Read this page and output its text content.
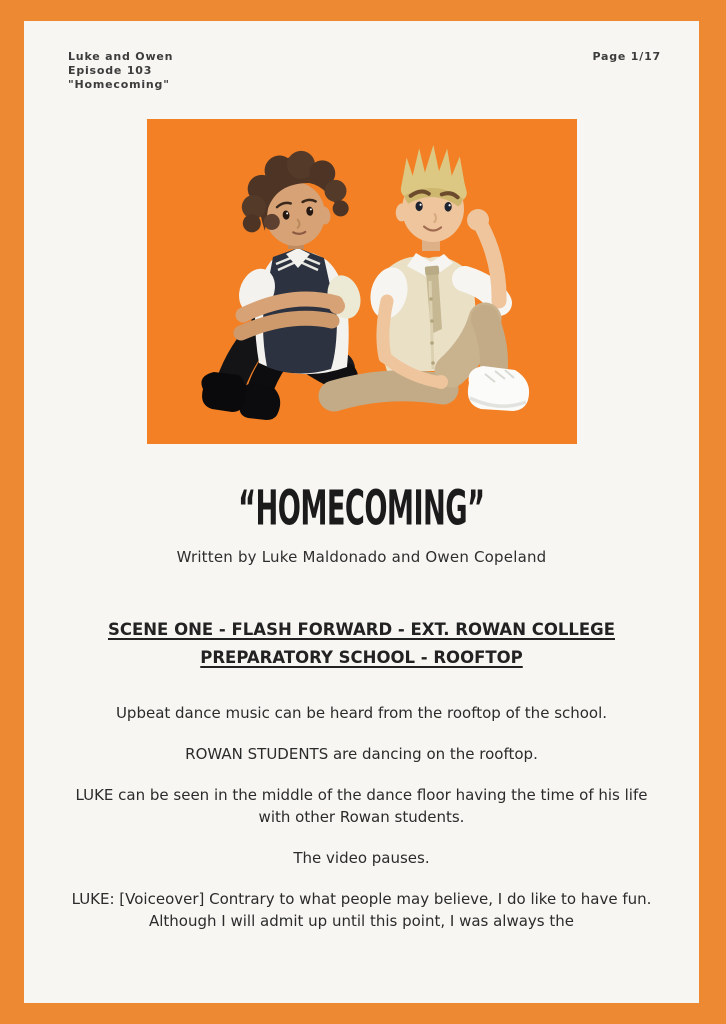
Luke and Owen
Episode 103
"Homecoming"
Page 1/17
“HOMECOMING”
Written by Luke Maldonado and Owen Copeland
SCENE ONE - FLASH FORWARD - EXT. ROWAN COLLEGE PREPARATORY SCHOOL - ROOFTOP

Upbeat dance music can be heard from the rooftop of the school.

ROWAN STUDENTS are dancing on the rooftop.

LUKE can be seen in the middle of the dance floor having the time of his life with other Rowan students.

The video pauses.

LUKE: [Voiceover] Contrary to what people may believe, I do like to have fun. Although I will admit up until this point, I was always the
